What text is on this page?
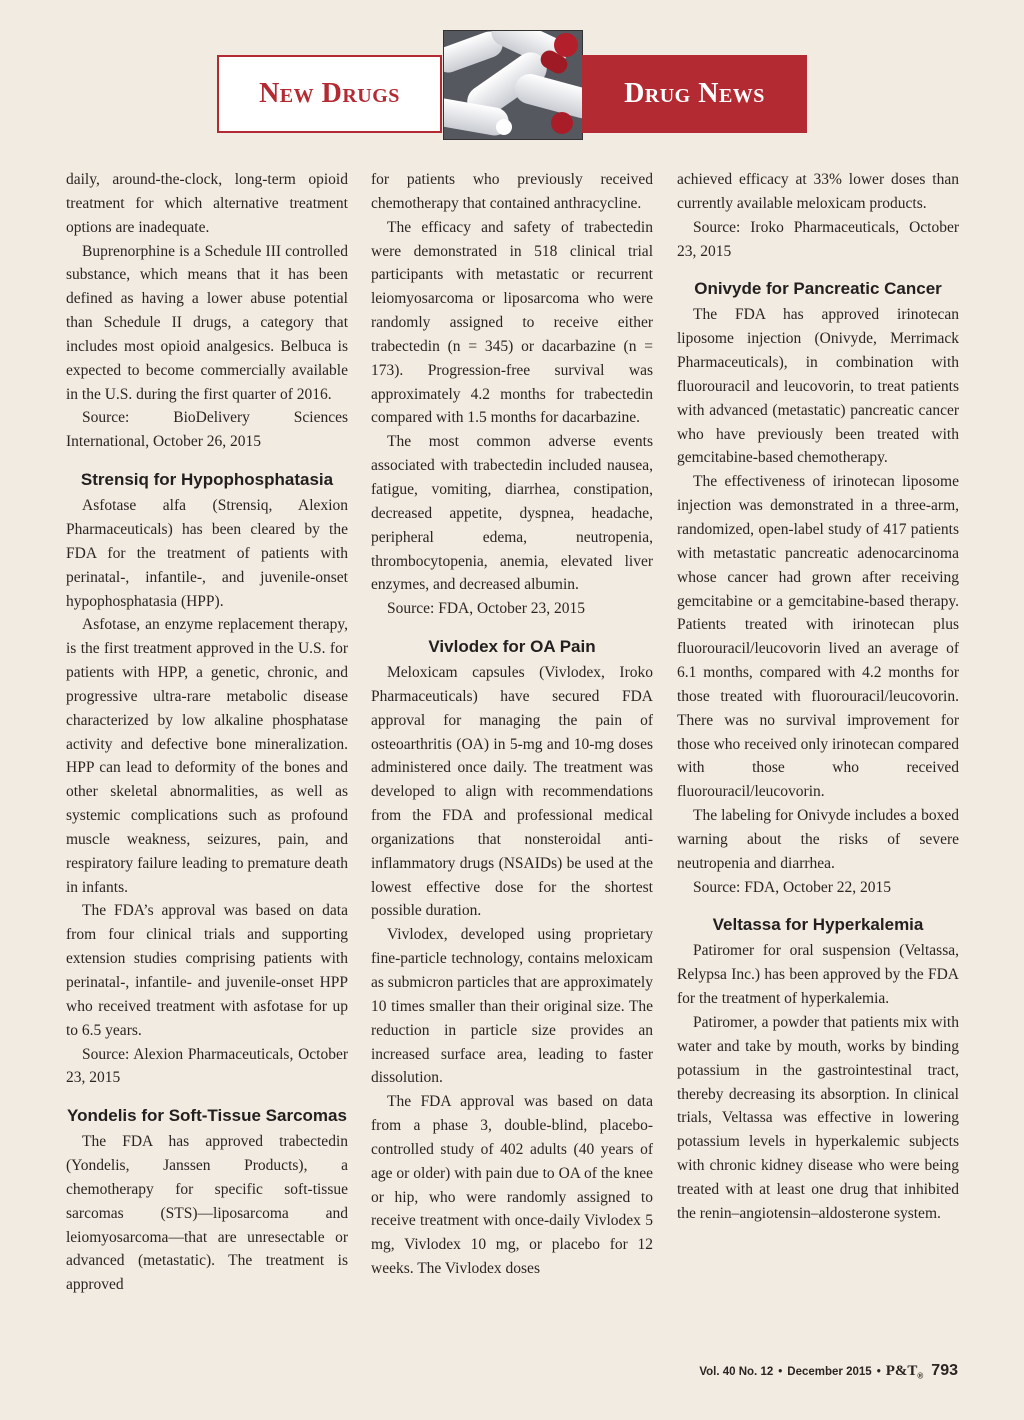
New Drugs	Drug News

daily, around-the-clock, long-term opioid treatment for which alternative treatment options are inadequate.

Buprenorphine is a Schedule III controlled substance, which means that it has been defined as having a lower abuse potential than Schedule II drugs, a category that includes most opioid analgesics. Belbuca is expected to become commercially available in the U.S. during the first quarter of 2016.

Source: BioDelivery Sciences International, October 26, 2015

Strensiq for Hypophosphatasia

Asfotase alfa (Strensiq, Alexion Pharmaceuticals) has been cleared by the FDA for the treatment of patients with perinatal-, infantile-, and juvenile-onset hypophosphatasia (HPP).

Asfotase, an enzyme replacement therapy, is the first treatment approved in the U.S. for patients with HPP, a genetic, chronic, and progressive ultra-rare metabolic disease characterized by low alkaline phosphatase activity and defective bone mineralization. HPP can lead to deformity of the bones and other skeletal abnormalities, as well as systemic complications such as profound muscle weakness, seizures, pain, and respiratory failure leading to premature death in infants.

The FDA’s approval was based on data from four clinical trials and supporting extension studies comprising patients with perinatal-, infantile- and juvenile-onset HPP who received treatment with asfotase for up to 6.5 years.

Source: Alexion Pharmaceuticals, October 23, 2015

Yondelis for Soft-Tissue Sarcomas

The FDA has approved trabectedin (Yondelis, Janssen Products), a chemotherapy for specific soft-tissue sarcomas (STS)—liposarcoma and leiomyosarcoma—that are unresectable or advanced (metastatic). The treatment is approved

for patients who previously received chemotherapy that contained anthracycline.

The efficacy and safety of trabectedin were demonstrated in 518 clinical trial participants with metastatic or recurrent leiomyosarcoma or liposarcoma who were randomly assigned to receive either trabectedin (n = 345) or dacarbazine (n = 173). Progression-free survival was approximately 4.2 months for trabectedin compared with 1.5 months for dacarbazine.

The most common adverse events associated with trabectedin included nausea, fatigue, vomiting, diarrhea, constipation, decreased appetite, dyspnea, headache, peripheral edema, neutropenia, thrombocytopenia, anemia, elevated liver enzymes, and decreased albumin.

Source: FDA, October 23, 2015

Vivlodex for OA Pain

Meloxicam capsules (Vivlodex, Iroko Pharmaceuticals) have secured FDA approval for managing the pain of osteoarthritis (OA) in 5-mg and 10-mg doses administered once daily. The treatment was developed to align with recommendations from the FDA and professional medical organizations that nonsteroidal anti-inflammatory drugs (NSAIDs) be used at the lowest effective dose for the shortest possible duration.

Vivlodex, developed using proprietary fine-particle technology, contains meloxicam as submicron particles that are approximately 10 times smaller than their original size. The reduction in particle size provides an increased surface area, leading to faster dissolution.

The FDA approval was based on data from a phase 3, double-blind, placebo-controlled study of 402 adults (40 years of age or older) with pain due to OA of the knee or hip, who were randomly assigned to receive treatment with once-daily Vivlodex 5 mg, Vivlodex 10 mg, or placebo for 12 weeks. The Vivlodex doses

achieved efficacy at 33% lower doses than currently available meloxicam products.

Source: Iroko Pharmaceuticals, October 23, 2015

Onivyde for Pancreatic Cancer

The FDA has approved irinotecan liposome injection (Onivyde, Merrimack Pharmaceuticals), in combination with fluorouracil and leucovorin, to treat patients with advanced (metastatic) pancreatic cancer who have previously been treated with gemcitabine-based chemotherapy.

The effectiveness of irinotecan liposome injection was demonstrated in a three-arm, randomized, open-label study of 417 patients with metastatic pancreatic adenocarcinoma whose cancer had grown after receiving gemcitabine or a gemcitabine-based therapy. Patients treated with irinotecan plus fluorouracil/leucovorin lived an average of 6.1 months, compared with 4.2 months for those treated with fluorouracil/leucovorin. There was no survival improvement for those who received only irinotecan compared with those who received fluorouracil/leucovorin.

The labeling for Onivyde includes a boxed warning about the risks of severe neutropenia and diarrhea.

Source: FDA, October 22, 2015

Veltassa for Hyperkalemia

Patiromer for oral suspension (Veltassa, Relypsa Inc.) has been approved by the FDA for the treatment of hyperkalemia.

Patiromer, a powder that patients mix with water and take by mouth, works by binding potassium in the gastrointestinal tract, thereby decreasing its absorption. In clinical trials, Veltassa was effective in lowering potassium levels in hyperkalemic subjects with chronic kidney disease who were being treated with at least one drug that inhibited the renin–angiotensin–aldosterone system.

Vol. 40 No. 12 • December 2015 • $P\&T_®$ 793
